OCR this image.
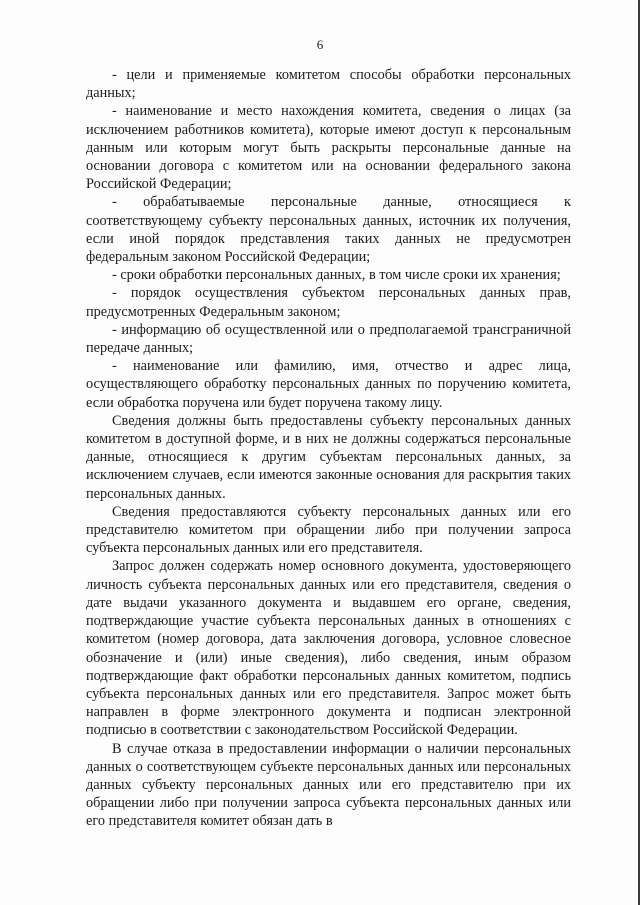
6

- цели и применяемые комитетом способы обработки персональных данных;

- наименование и место нахождения комитета, сведения о лицах (за исключением работников комитета), которые имеют доступ к персональным данным или которым могут быть раскрыты персональные данные на основании договора с комитетом или на основании федерального закона Российской Федерации;

- обрабатываемые персональные данные, относящиеся к соответствующему субъекту персональных данных, источник их получения, если иной порядок представления таких данных не предусмотрен федеральным законом Российской Федерации;

- сроки обработки персональных данных, в том числе сроки их хранения;

- порядок осуществления субъектом персональных данных прав, предусмотренных Федеральным законом;

- информацию об осуществленной или о предполагаемой трансграничной передаче данных;

- наименование или фамилию, имя, отчество и адрес лица, осуществляющего обработку персональных данных по поручению комитета, если обработка поручена или будет поручена такому лицу.

Сведения должны быть предоставлены субъекту персональных данных комитетом в доступной форме, и в них не должны содержаться персональные данные, относящиеся к другим субъектам персональных данных, за исключением случаев, если имеются законные основания для раскрытия таких персональных данных.

Сведения предоставляются субъекту персональных данных или его представителю комитетом при обращении либо при получении запроса субъекта персональных данных или его представителя.

Запрос должен содержать номер основного документа, удостоверяющего личность субъекта персональных данных или его представителя, сведения о дате выдачи указанного документа и выдавшем его органе, сведения, подтверждающие участие субъекта персональных данных в отношениях с комитетом (номер договора, дата заключения договора, условное словесное обозначение и (или) иные сведения), либо сведения, иным образом подтверждающие факт обработки персональных данных комитетом, подпись субъекта персональных данных или его представителя. Запрос может быть направлен в форме электронного документа и подписан электронной подписью в соответствии с законодательством Российской Федерации.

В случае отказа в предоставлении информации о наличии персональных данных о соответствующем субъекте персональных данных или персональных данных субъекту персональных данных или его представителю при их обращении либо при получении запроса субъекта персональных данных или его представителя комитет обязан дать в
